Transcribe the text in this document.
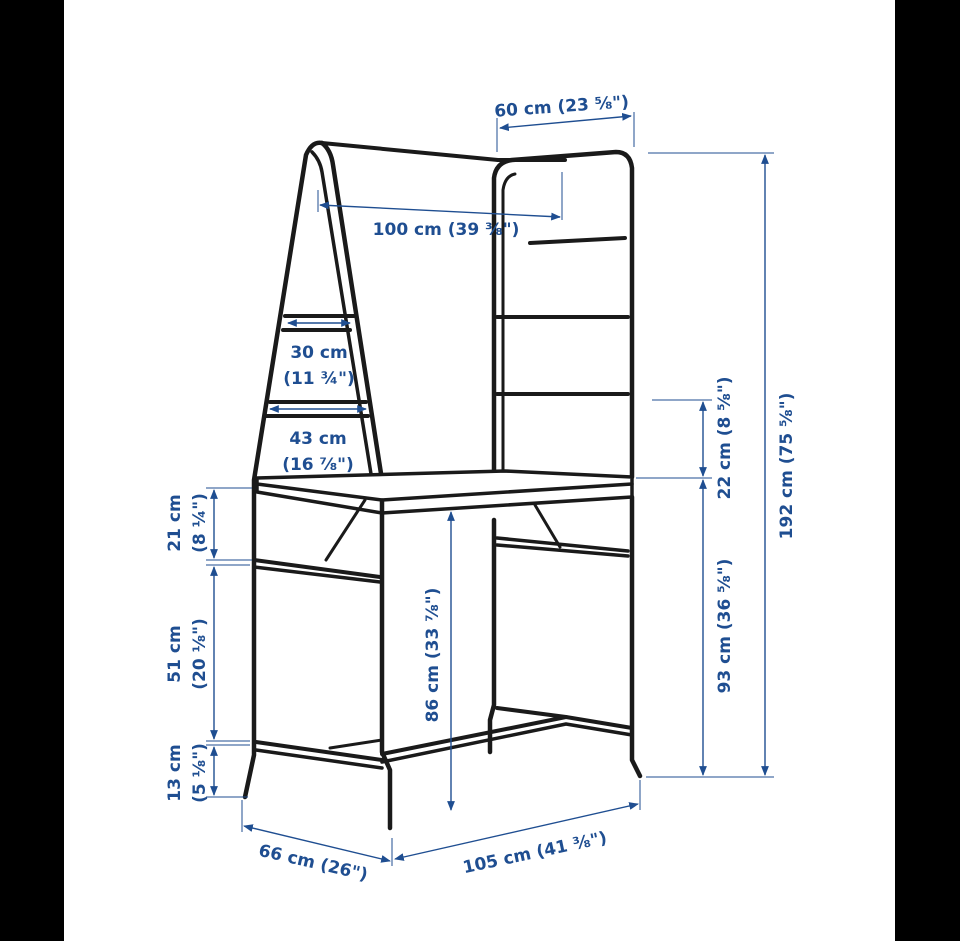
60 cm (23 ⅝")
100 cm (39 ⅜")
30 cm
(11 ¾")
43 cm
(16 ⅞")
21 cm (8 ¼")
51 cm (20 ⅛")
13 cm (5 ⅛")
86 cm (33 ⅞")
22 cm (8 ⅝")
93 cm (36 ⅝")
192 cm (75 ⅝")
66 cm (26")	105 cm (41 ⅜")
